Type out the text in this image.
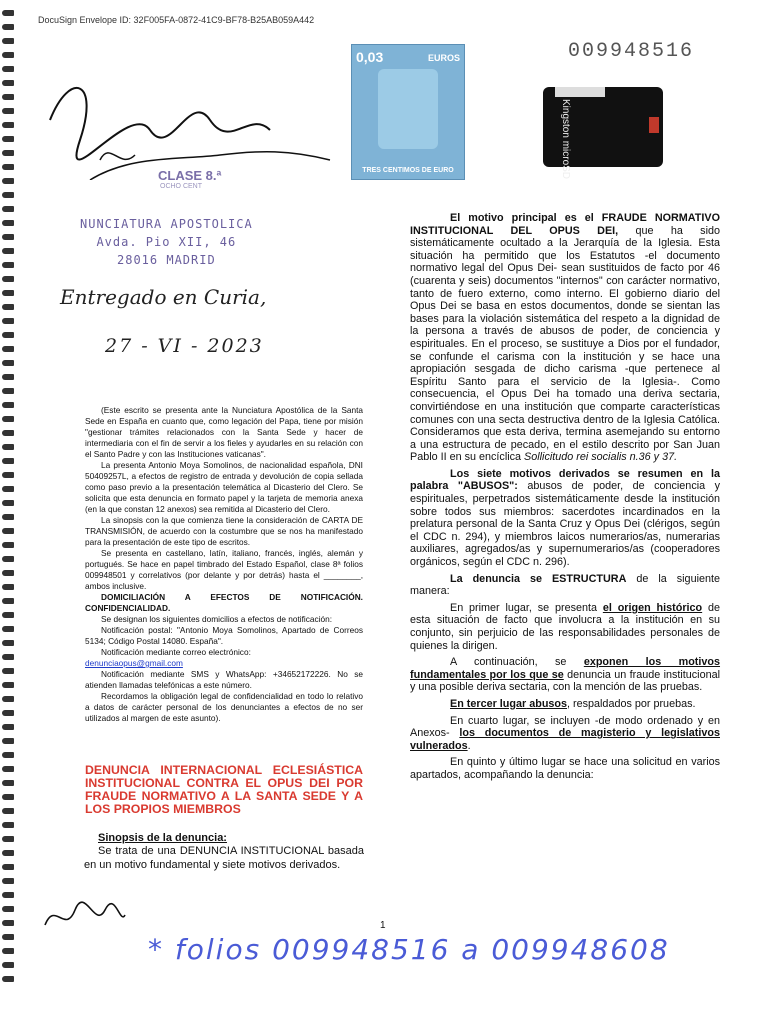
DocuSign Envelope ID: 32F005FA-0872-41C9-BF78-B25AB059A442
009948516
0,03	EUROS
TRES CENTIMOS DE EURO
CLASE 8.ª
OCHO CENT
Kingston microSD
NUNCIATURA APOSTOLICA
Avda. Pio XII, 46
28016 MADRID
Entregado en Curia,
27 - VI - 2023

(Este escrito se presenta ante la Nunciatura Apostólica de la Santa Sede en España en cuanto que, como legación del Papa, tiene por misión "gestionar trámites relacionados con la Santa Sede y hacer de intermediaria con el fin de servir a los fieles y ayudarles en su relación con el Santo Padre y con las Instituciones vaticanas".

La presenta Antonio Moya Somolinos, de nacionalidad española, DNI 50409257L, a efectos de registro de entrada y devolución de copia sellada como paso previo a la presentación telemática al Dicasterio del Clero. Se solicita que esta denuncia en formato papel y la tarjeta de memoria anexa (en la que constan 12 anexos) sea remitida al Dicasterio del Clero.

La sinopsis con la que comienza tiene la consideración de CARTA DE TRANSMISIÓN, de acuerdo con la costumbre que se nos ha manifestado para la presentación de este tipo de escritos.

Se presenta en castellano, latín, italiano, francés, inglés, alemán y portugués. Se hace en papel timbrado del Estado Español, clase 8ª folios 009948501 y correlativos (por delante y por detrás) hasta el ________, ambos inclusive.

DOMICILIACIÓN A EFECTOS DE NOTIFICACIÓN. CONFIDENCIALIDAD.

Se designan los siguientes domicilios a efectos de notificación:

Notificación postal: "Antonio Moya Somolinos, Apartado de Correos 5134; Código Postal 14080. España".

Notificación mediante correo electrónico:

denunciaopus@gmail.com

Notificación mediante SMS y WhatsApp: +34652172226. No se atienden llamadas telefónicas a este número.

Recordamos la obligación legal de confidencialidad en todo lo relativo a datos de carácter personal de los denunciantes a efectos de no ser utilizados al margen de este asunto).

DENUNCIA INTERNACIONAL ECLESIÁSTICA INSTITUCIONAL CONTRA EL OPUS DEI POR FRAUDE NORMATIVO A LA SANTA SEDE Y A LOS PROPIOS MIEMBROS
Sinopsis de la denuncia:
Se trata de una DENUNCIA INSTITUCIONAL basada en un motivo fundamental y siete motivos derivados.

El motivo principal es el FRAUDE NORMATIVO INSTITUCIONAL DEL OPUS DEI, que ha sido sistemáticamente ocultado a la Jerarquía de la Iglesia. Esta situación ha permitido que los Estatutos -el documento normativo legal del Opus Dei- sean sustituidos de facto por 46 (cuarenta y seis) documentos "internos" con carácter normativo, tanto de fuero externo, como interno. El gobierno diario del Opus Dei se basa en estos documentos, donde se sientan las bases para la violación sistemática del respeto a la dignidad de la persona a través de abusos de poder, de conciencia y espirituales. En el proceso, se sustituye a Dios por el fundador, se confunde el carisma con la institución y se hace una apropiación sesgada de dicho carisma -que pertenece al Espíritu Santo para el servicio de la Iglesia-. Como consecuencia, el Opus Dei ha tomado una deriva sectaria, convirtiéndose en una institución que comparte características comunes con una secta destructiva dentro de la Iglesia Católica. Consideramos que esta deriva, termina asemejando su entorno a una estructura de pecado, en el estilo descrito por San Juan Pablo II en su encíclica Sollicitudo rei socialis n.36 y 37.

Los siete motivos derivados se resumen en la palabra "ABUSOS": abusos de poder, de conciencia y espirituales, perpetrados sistemáticamente desde la institución sobre todos sus miembros: sacerdotes incardinados en la prelatura personal de la Santa Cruz y Opus Dei (clérigos, según el CDC n. 294), y miembros laicos numerarios/as, numerarias auxiliares, agregados/as y supernumerarios/as (cooperadores orgánicos, según el CDC n. 296).

La denuncia se ESTRUCTURA de la siguiente manera:

En primer lugar, se presenta el origen histórico de esta situación de facto que involucra a la institución en su conjunto, sin perjuicio de las responsabilidades personales de quienes la dirigen.

A continuación, se exponen los motivos fundamentales por los que se denuncia un fraude institucional y una posible deriva sectaria, con la mención de las pruebas.

En tercer lugar abusos, respaldados por pruebas.

En cuarto lugar, se incluyen -de modo ordenado y en Anexos- los documentos de magisterio y legislativos vulnerados.

En quinto y último lugar se hace una solicitud en varios apartados, acompañando la denuncia:

1
* folios 009948516 a 009948608
